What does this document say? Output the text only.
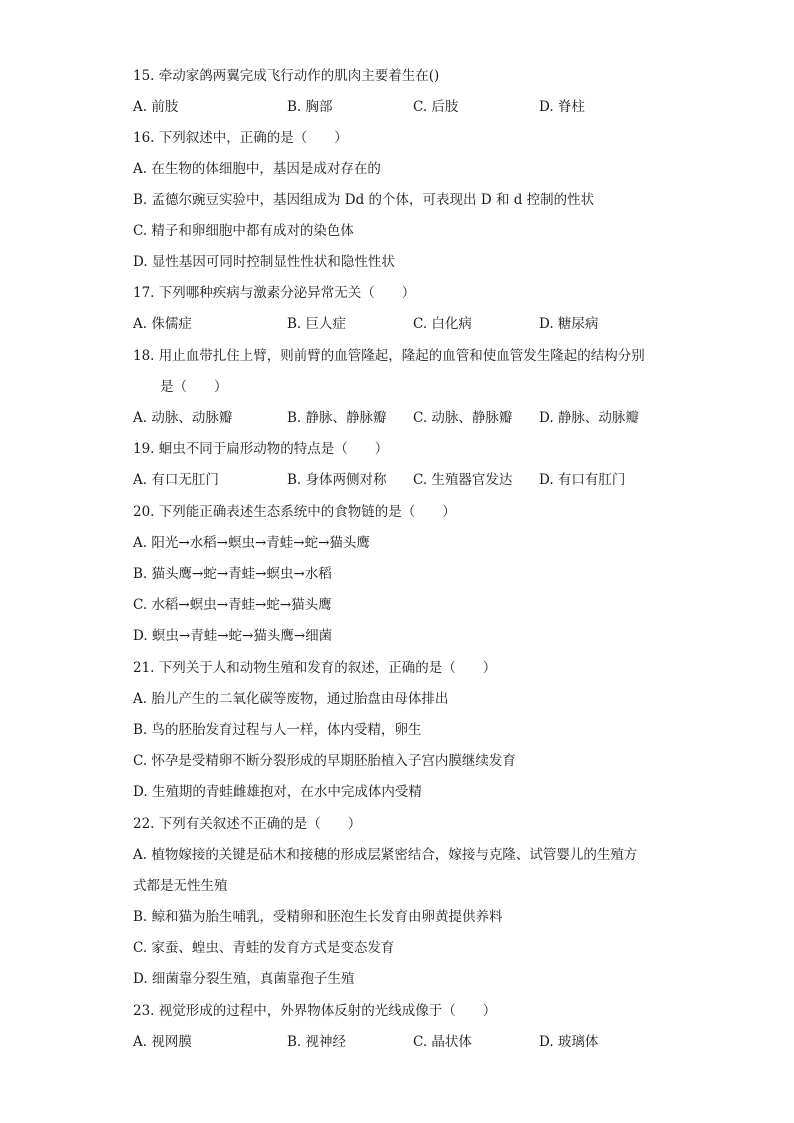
15. 牵动家鸽两翼完成飞行动作的肌肉主要着生在()
A. 前肢	B. 胸部	C. 后肢	D. 脊柱
16. 下列叙述中，正确的是（　　）
A. 在生物的体细胞中，基因是成对存在的
B. 孟德尔豌豆实验中，基因组成为 Dd 的个体，可表现出 D 和 d 控制的性状
C. 精子和卵细胞中都有成对的染色体
D. 显性基因可同时控制显性性状和隐性性状
17. 下列哪种疾病与激素分泌异常无关（　　）
A. 侏儒症	B. 巨人症	C. 白化病	D. 糖尿病
18. 用止血带扎住上臂，则前臂的血管隆起，隆起的血管和使血管发生隆起的结构分别
是（　　）
A. 动脉、动脉瓣	B. 静脉、静脉瓣 C. 动脉、静脉瓣 D. 静脉、动脉瓣
19. 蛔虫不同于扁形动物的特点是（　　）
A. 有口无肛门	B. 身体两侧对称 C. 生殖器官发达 D. 有口有肛门
20. 下列能正确表述生态系统中的食物链的是（　　）
A. 阳光→水稻→螟虫→青蛙→蛇→猫头鹰
B. 猫头鹰→蛇→青蛙→螟虫→水稻
C. 水稻→螟虫→青蛙→蛇→猫头鹰
D. 螟虫→青蛙→蛇→猫头鹰→细菌
21. 下列关于人和动物生殖和发育的叙述，正确的是（　　）
A. 胎儿产生的二氧化碳等废物，通过胎盘由母体排出
B. 鸟的胚胎发育过程与人一样，体内受精，卵生
C. 怀孕是受精卵不断分裂形成的早期胚胎植入子宫内膜继续发育
D. 生殖期的青蛙雌雄抱对，在水中完成体内受精
22. 下列有关叙述不正确的是（　　）
A. 植物嫁接的关键是砧木和接穗的形成层紧密结合，嫁接与克隆、试管婴儿的生殖方
式都是无性生殖
B. 鲸和猫为胎生哺乳，受精卵和胚泡生长发育由卵黄提供养料
C. 家蚕、蝗虫、青蛙的发育方式是变态发育
D. 细菌靠分裂生殖，真菌靠孢子生殖
23. 视觉形成的过程中，外界物体反射的光线成像于（　　）
A. 视网膜	B. 视神经	C. 晶状体	D. 玻璃体
